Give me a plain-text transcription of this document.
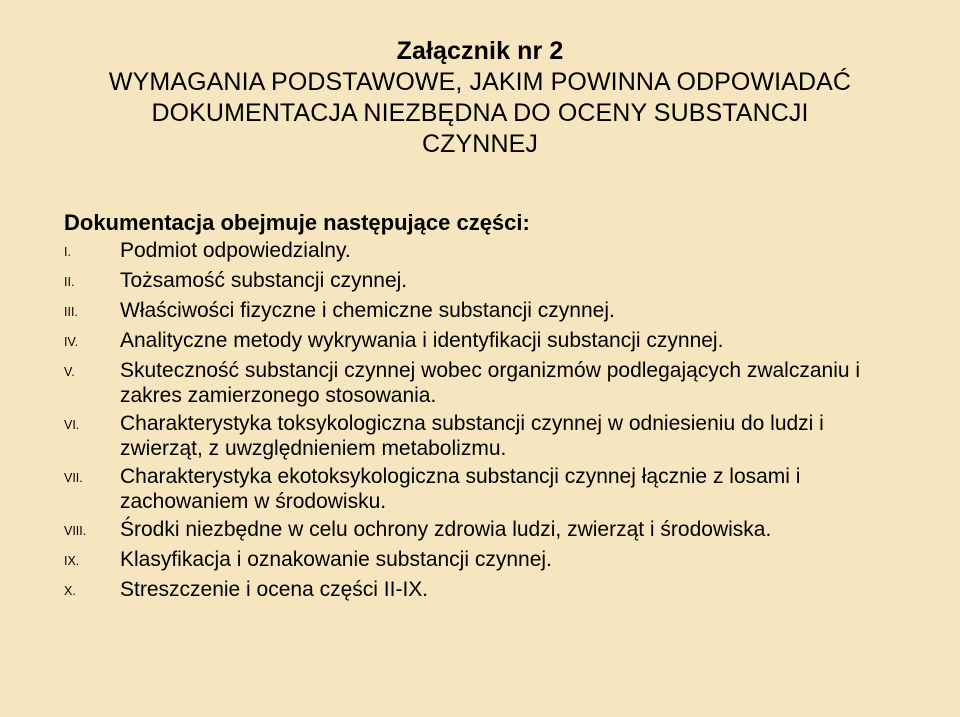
Załącznik nr 2
WYMAGANIA PODSTAWOWE, JAKIM POWINNA ODPOWIADAĆ
DOKUMENTACJA NIEZBĘDNA DO OCENY SUBSTANCJI
CZYNNEJ
Dokumentacja obejmuje następujące części:
I.	Podmiot odpowiedzialny.
II.	Tożsamość substancji czynnej.
III.	Właściwości fizyczne i chemiczne substancji czynnej.
IV.	Analityczne metody wykrywania i identyfikacji substancji czynnej.
V.	Skuteczność substancji czynnej wobec organizmów podlegających zwalczaniu i zakres zamierzonego stosowania.
VI.	Charakterystyka toksykologiczna substancji czynnej w odniesieniu do ludzi i zwierząt, z uwzględnieniem metabolizmu.
VII.	Charakterystyka ekotoksykologiczna substancji czynnej łącznie z losami i zachowaniem w środowisku.
VIII.	Środki niezbędne w celu ochrony zdrowia ludzi, zwierząt i środowiska.
IX.	Klasyfikacja i oznakowanie substancji czynnej.
X.	Streszczenie i ocena części II-IX.
